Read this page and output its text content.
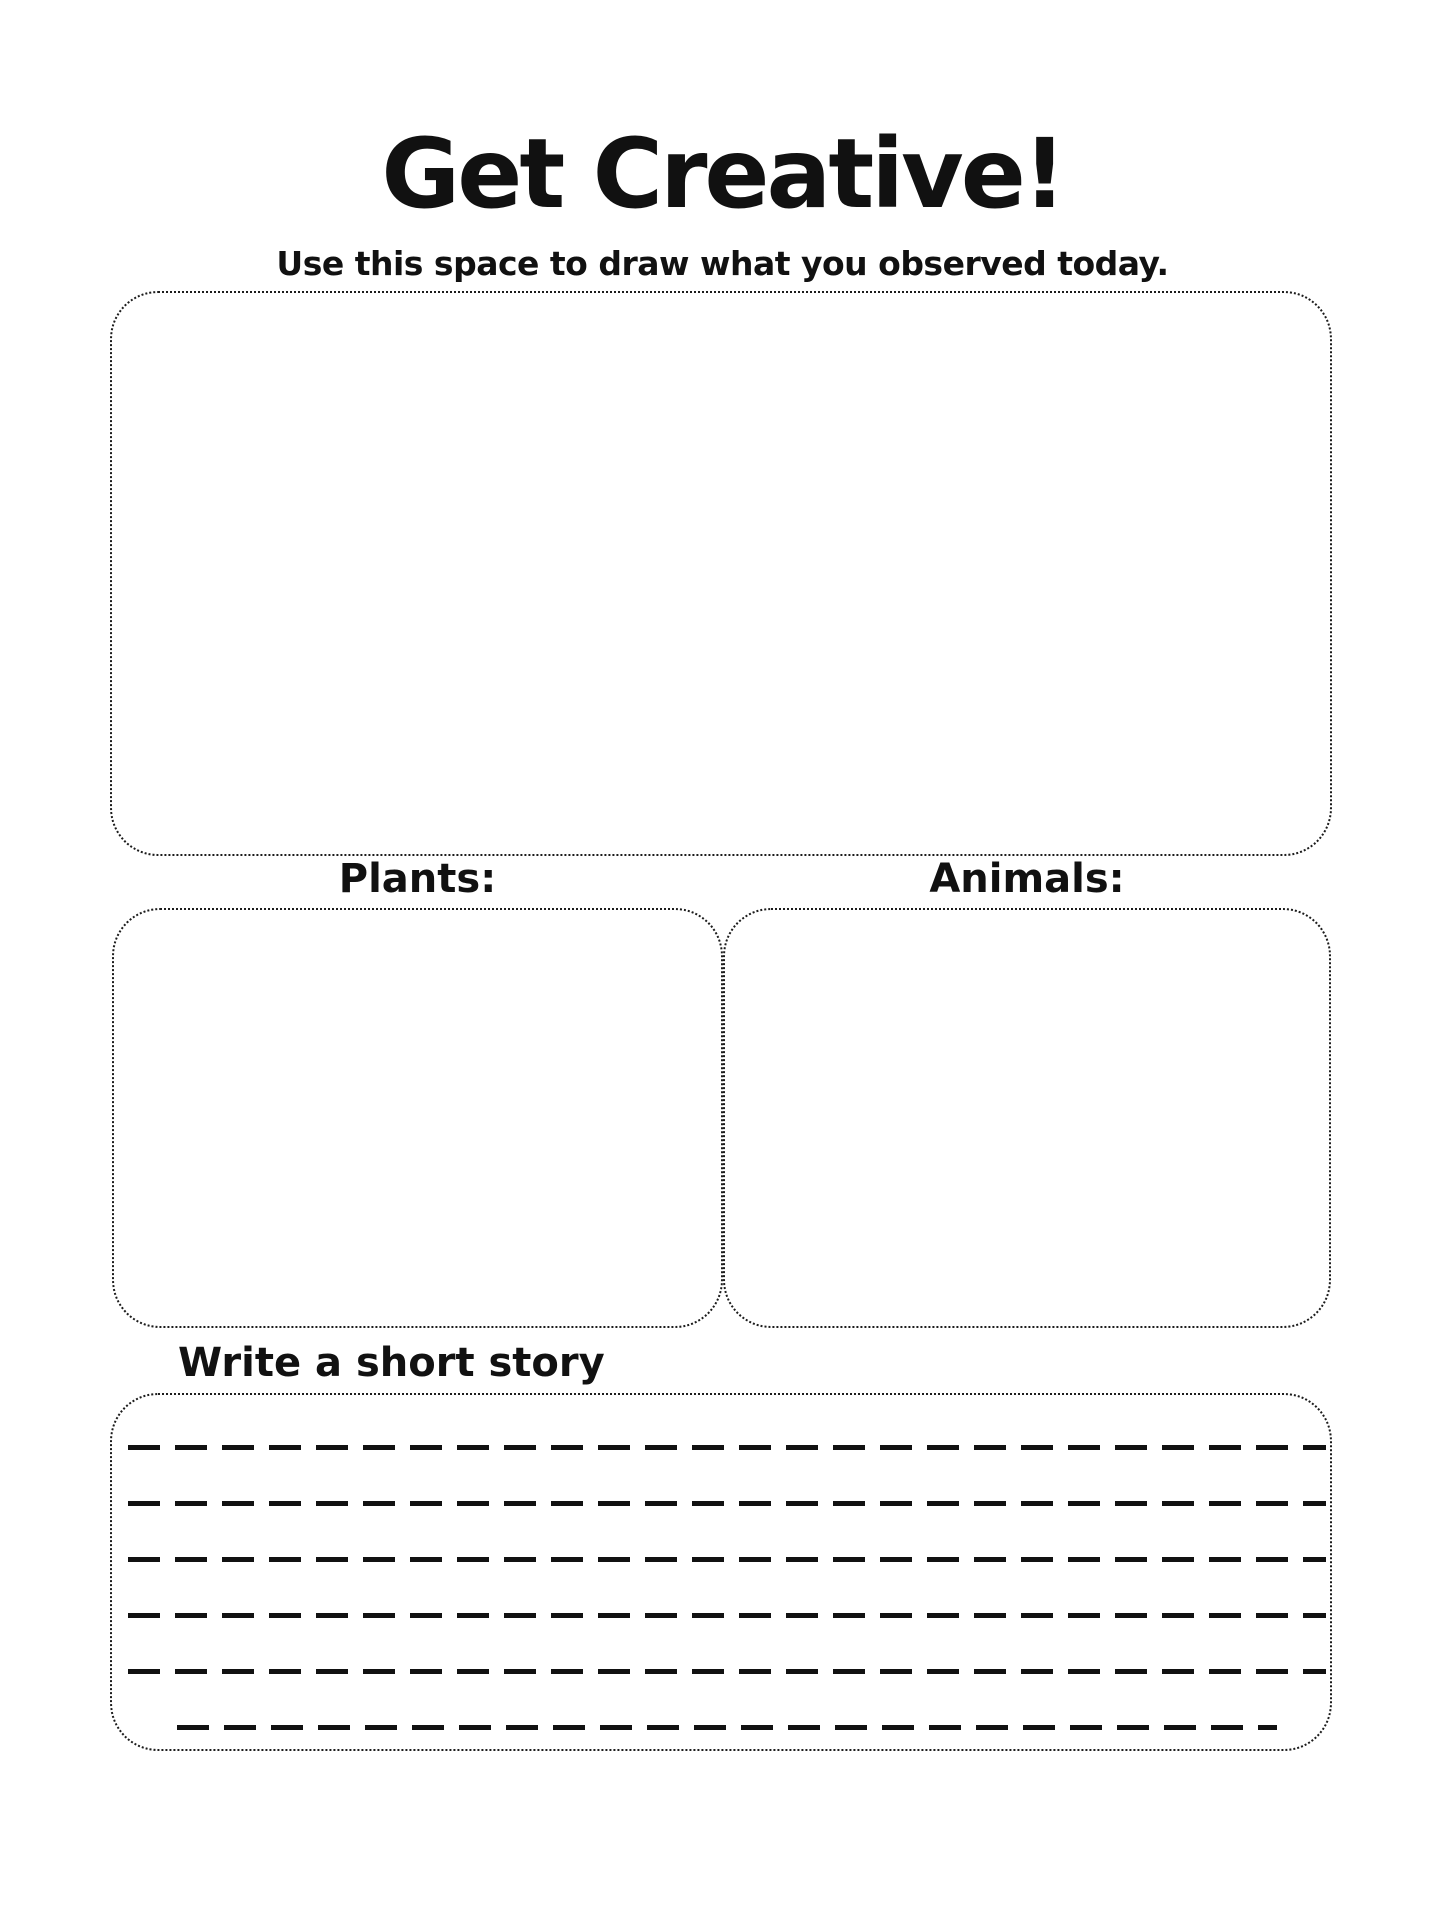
Get Creative!
Use this space to draw what you observed today.
Plants:	Animals:
Write a short story
